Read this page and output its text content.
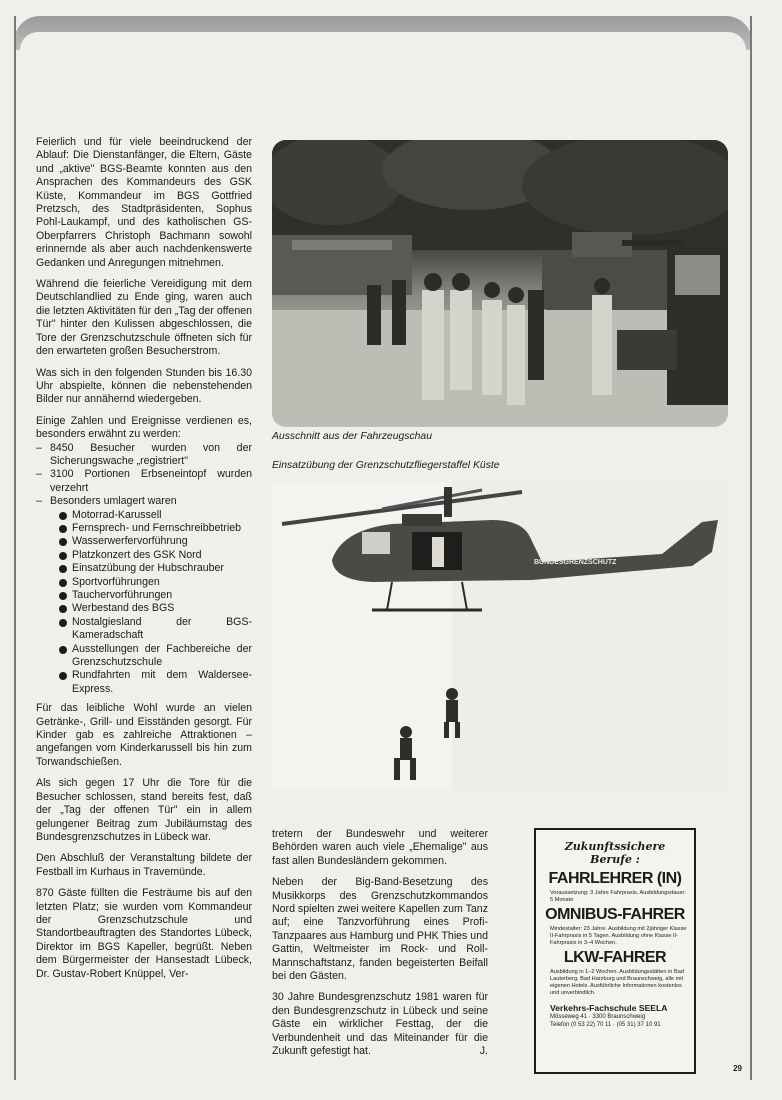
Feierlich und für viele beeindruckend der Ablauf: Die Dienstanfänger, die Eltern, Gäste und „aktive" BGS-Beamte konnten aus den Ansprachen des Kommandeurs des GSK Küste, Kommandeur im BGS Gottfried Pretzsch, des Stadtpräsidenten, Sophus Pohl-Laukampf, und des katholischen GS-Oberpfarrers Christoph Bachmann sowohl erinnernde als aber auch nachdenkenswerte Gedanken und Anregungen mitnehmen.

Während die feierliche Vereidigung mit dem Deutschlandlied zu Ende ging, waren auch die letzten Aktivitäten für den „Tag der offenen Tür" hinter den Kulissen abgeschlossen, die Tore der Grenzschutzschule öffneten sich für den erwarteten großen Besucherstrom.

Was sich in den folgenden Stunden bis 16.30 Uhr abspielte, können die nebenstehenden Bilder nur annähernd wiedergeben.

Einige Zahlen und Ereignisse verdienen es, besonders erwähnt zu werden:

– 8450 Besucher wurden von der Sicherungswache „registriert"
– 3100 Portionen Erbseneintopf wurden verzehrt
– Besonders umlagert waren
Motorrad-Karussell
Fernsprech- und Fernschreibbetrieb
Wasserwerfervorführung
Platzkonzert des GSK Nord
Einsatzübung der Hubschrauber
Sportvorführungen
Tauchervorführungen
Werbestand des BGS
Nostalgiesland der BGS-Kameradschaft
Ausstellungen der Fachbereiche der Grenzschutzschule
Rundfahrten mit dem Waldersee-Express.

Für das leibliche Wohl wurde an vielen Getränke-, Grill- und Eisständen gesorgt. Für Kinder gab es zahlreiche Attraktionen – angefangen vom Kinderkarussell bis hin zum Torwandschießen.

Als sich gegen 17 Uhr die Tore für die Besucher schlossen, stand bereits fest, daß der „Tag der offenen Tür" ein in allem gelungener Beitrag zum Jubiläumstag des Bundesgrenzschutzes in Lübeck war.

Den Abschluß der Veranstaltung bildete der Festball im Kurhaus in Travemünde.

870 Gäste füllten die Festräume bis auf den letzten Platz; sie wurden vom Kommandeur der Grenzschutzschule und Standortbeauftragten des Standortes Lübeck, Direktor im BGS Kapeller, begrüßt. Neben dem Bürgermeister der Hansestadt Lübeck, Dr. Gustav-Robert Knüppel, Ver-

Ausschnitt aus der Fahrzeugschau
Einsatzübung der Grenzschutzfliegerstaffel Küste
BUNDESGRENZSCHUTZ

tretern der Bundeswehr und weiterer Behörden waren auch viele „Ehemalige" aus fast allen Bundesländern gekommen.

Neben der Big-Band-Besetzung des Musikkorps des Grenzschutzkommandos Nord spielten zwei weitere Kapellen zum Tanz auf; eine Tanzvorführung eines Profi-Tanzpaares aus Hamburg und PHK Thies und Gattin, Weltmeister im Rock- und Roll-Mannschaftstanz, fanden begeisterten Beifall bei den Gästen.

30 Jahre Bundesgrenzschutz 1981 waren für den Bundesgrenzschutz in Lübeck und seine Gäste ein wirklicher Festtag, der die Verbundenheit und das Miteinander für die Zukunft gefestigt hat.	J.

Zukunftssichere Berufe :
FAHRLEHRER (IN)
Voraussetzung: 3 Jahre Fahrpraxis, Ausbildungsdauer: 5 Monate
OMNIBUS-FAHRER
Mindestalter: 23 Jahre. Ausbildung mit 2jähriger Klasse II-Fahrpraxis in 5 Tagen. Ausbildung ohne Klasse II-Fahrpraxis in 3–4 Wochen.
LKW-FAHRER
Ausbildung in 1–2 Wochen. Ausbildungsstätten in Bad Lauterberg, Bad Harzburg und Braunschweig, alle mit eigenen Hotels. Ausführliche Informationen kostenlos und unverbindlich.
Verkehrs-Fachschule SEELA
Mösseweg 41 · 3300 Braunschweig
Telefon (0 53 22) 70 11 · (05 31) 37 10 91
29
